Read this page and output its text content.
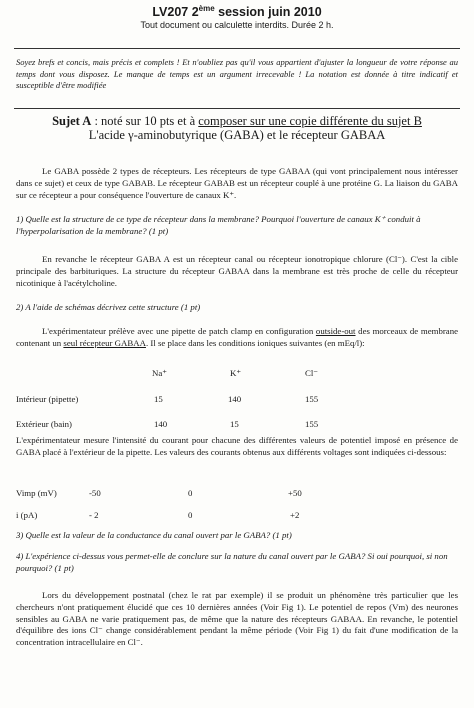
LV207 2ème session juin 2010
Tout document ou calculette interdits. Durée 2 h.
Soyez brefs et concis, mais précis et complets ! Et n'oubliez pas qu'il vous appartient d'ajuster la longueur de votre réponse au temps dont vous disposez. Le manque de temps est un argument irrecevable ! La notation est donnée à titre indicatif et susceptible d'être modifiée
Sujet A : noté sur 10 pts et à composer sur une copie différente du sujet B
L'acide γ-aminobutyrique (GABA) et le récepteur GABAA
Le GABA possède 2 types de récepteurs. Les récepteurs de type GABAA (qui vont principalement nous intéresser dans ce sujet) et ceux de type GABAB. Le récepteur GABAB est un récepteur couplé à une protéine G. La liaison du GABA sur ce récepteur a pour conséquence l'ouverture de canaux K⁺.
1) Quelle est la structure de ce type de récepteur dans la membrane? Pourquoi l'ouverture de canaux K⁺ conduit à l'hyperpolarisation de la membrane? (1 pt)
En revanche le récepteur GABA A est un récepteur canal ou récepteur ionotropique chlorure (Cl⁻). C'est la cible principale des barbituriques. La structure du récepteur GABAA dans la membrane est très proche de celle du récepteur nicotinique à l'acétylcholine.
2) A l'aide de schémas décrivez cette structure (1 pt)
L'expérimentateur prélève avec une pipette de patch clamp en configuration outside-out des morceaux de membrane contenant un seul récepteur GABAA. Il se place dans les conditions ioniques suivantes (en mEq/l):
Na⁺	K⁺	Cl⁻
Intérieur (pipette)	15	140	155
Extérieur (bain)	140	15	155
L'expérimentateur mesure l'intensité du courant pour chacune des différentes valeurs de potentiel imposé en présence de GABA placé à l'extérieur de la pipette. Les valeurs des courants obtenus aux différents voltages sont indiquées ci-dessous:
Vimp (mV)	-50	0	+50
i (pA)	- 2	0	+2
3) Quelle est la valeur de la conductance du canal ouvert par le GABA? (1 pt)
4) L'expérience ci-dessus vous permet-elle de conclure sur la nature du canal ouvert par le GABA? Si oui pourquoi, si non pourquoi? (1 pt)
Lors du développement postnatal (chez le rat par exemple) il se produit un phénomène très particulier que les chercheurs n'ont pratiquement élucidé que ces 10 dernières années (Voir Fig 1). Le potentiel de repos (Vm) des neurones sensibles au GABA ne varie pratiquement pas, de même que la nature des récepteurs GABAA. En revanche, le potentiel d'équilibre des ions Cl⁻ change considérablement pendant la même période (Voir Fig 1) du fait d'une modification de la concentration intracellulaire en Cl⁻.
